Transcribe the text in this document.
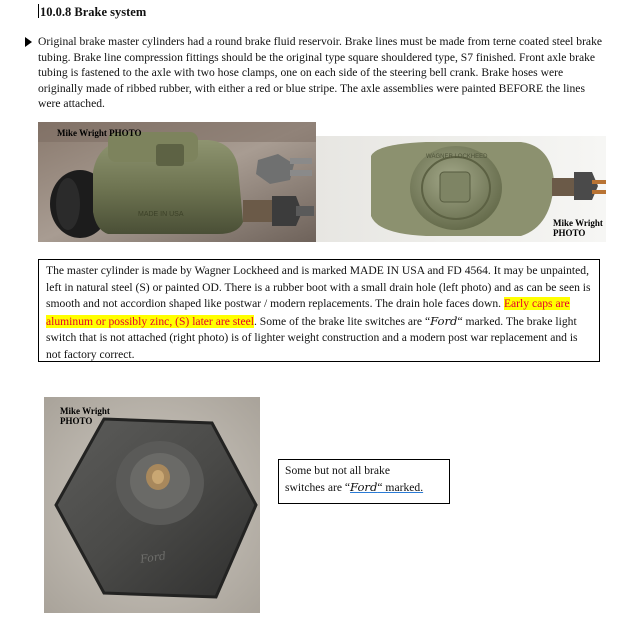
10.0.8 Brake system

Original brake master cylinders had a round brake fluid reservoir. Brake lines must be made from terne coated steel brake tubing. Brake line compression fittings should be the original type square shouldered type, S7 finished. Front axle brake tubing is fastened to the axle with two hose clamps, one on each side of the steering bell crank. Brake hoses were originally made of ribbed rubber, with either a red or blue stripe. The axle assemblies were painted BEFORE the lines were attached.

MADE IN USA
Mike Wright PHOTO
WAGNER LOCKHEED
Mike Wright
PHOTO
The master cylinder is made by Wagner Lockheed and is marked MADE IN USA and FD 4564. It may be unpainted, left in natural steel (S) or painted OD. There is a rubber boot with a small drain hole (left photo) and as can be seen is smooth and not accordion shaped like postwar / modern replacements. The drain hole faces down. Early caps are aluminum or possibly zinc, (S) later are steel. Some of the brake lite switches are “Ford“ marked. The brake light switch that is not attached (right photo) is of lighter weight construction and a modern post war replacement and is not factory correct.
Ford
Mike Wright
PHOTO
Some but not all brake
switches are “Ford“ marked.
